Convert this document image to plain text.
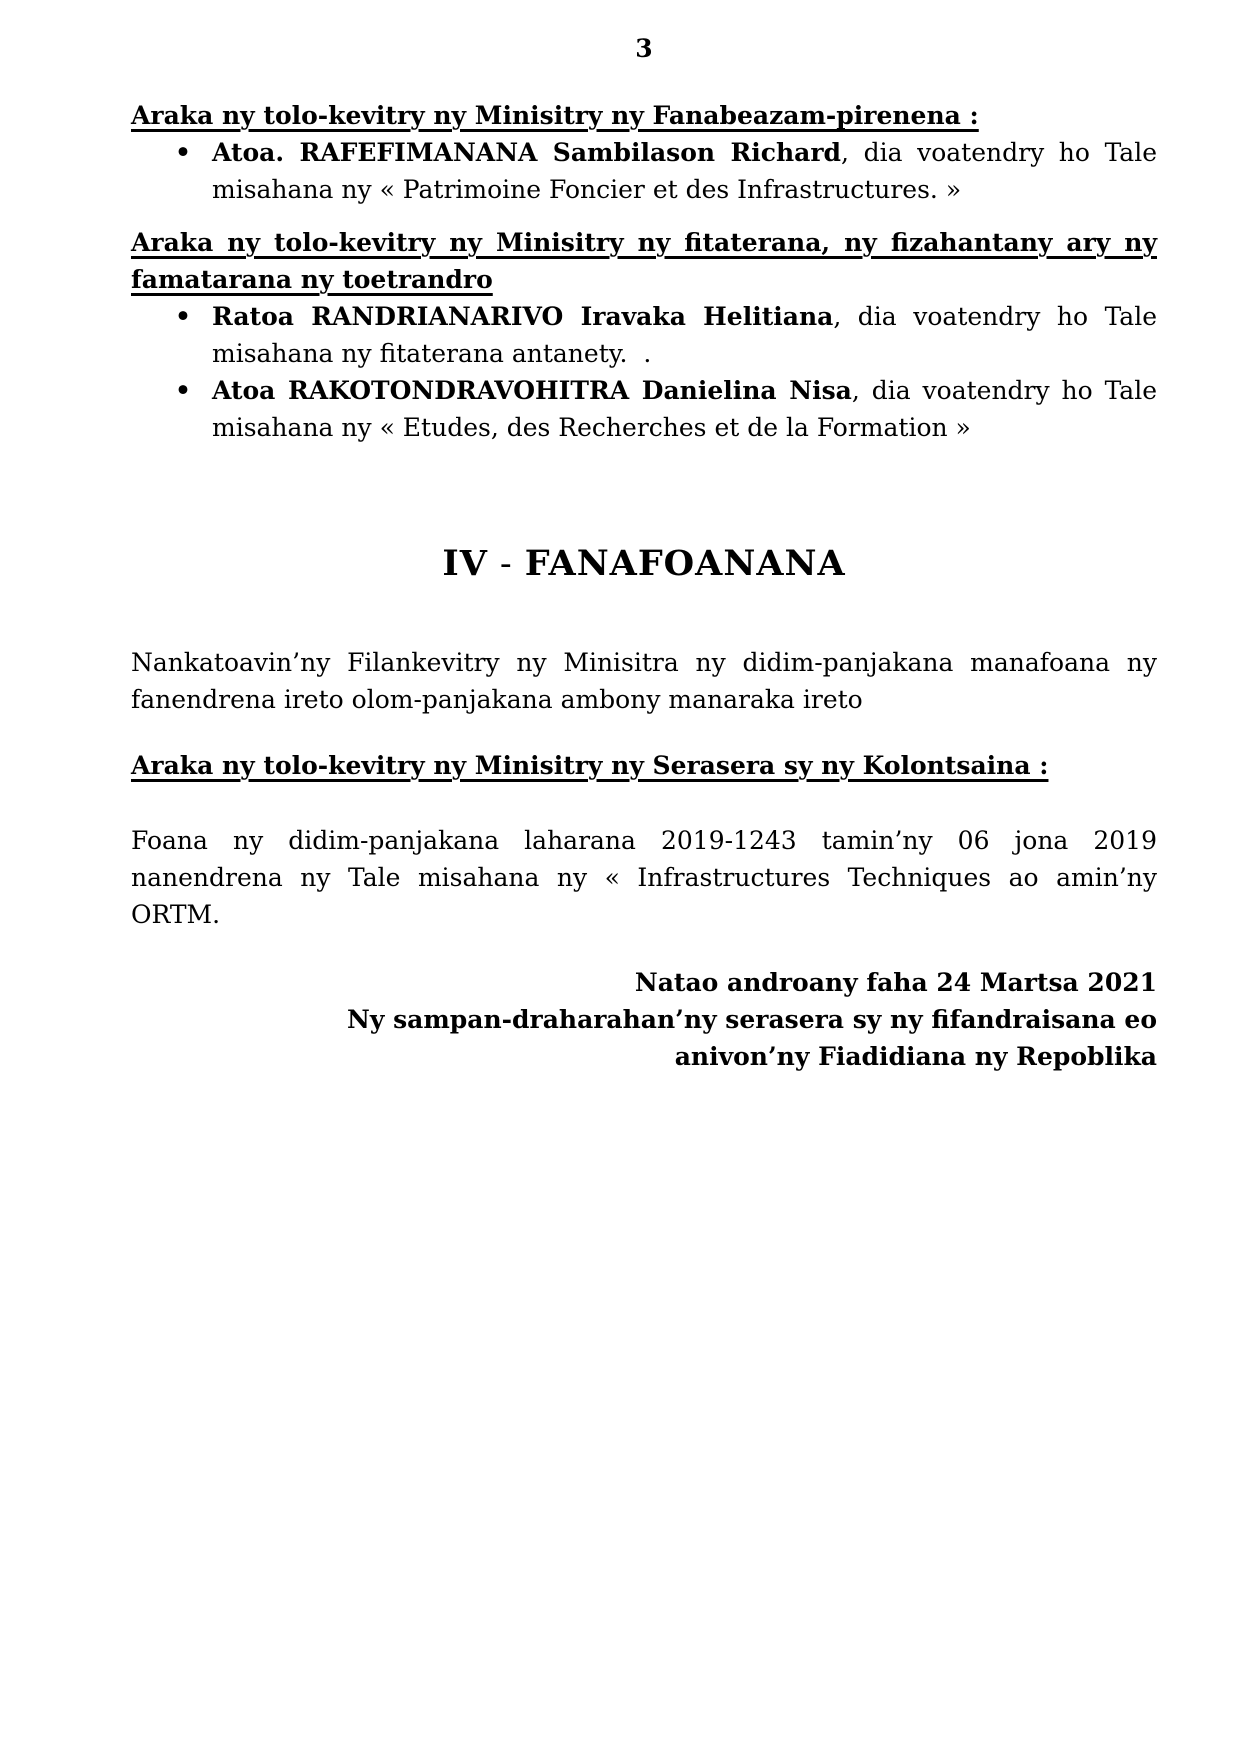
3
Araka ny tolo-kevitry ny Minisitry ny Fanabeazam-pirenena :
• Atoa. RAFEFIMANANA Sambilason Richard, dia voatendry ho Tale
misahana ny « Patrimoine Foncier et des Infrastructures. »
Araka ny tolo-kevitry ny Minisitry ny fitaterana, ny fizahantany ary ny
famatarana ny toetrandro
• Ratoa RANDRIANARIVO Iravaka Helitiana, dia voatendry ho Tale
misahana ny fitaterana antanety.  .
• Atoa RAKOTONDRAVOHITRA Danielina Nisa, dia voatendry ho Tale
misahana ny « Etudes, des Recherches et de la Formation »
IV - FANAFOANANA
Nankatoavin’ny Filankevitry ny Minisitra ny didim-panjakana manafoana ny
fanendrena ireto olom-panjakana ambony manaraka ireto
Araka ny tolo-kevitry ny Minisitry ny Serasera sy ny Kolontsaina :
Foana ny didim-panjakana laharana 2019-1243 tamin’ny 06 jona 2019
nanendrena ny Tale misahana ny « Infrastructures Techniques ao amin’ny
ORTM.
Natao androany faha 24 Martsa 2021
Ny sampan-draharahan’ny serasera sy ny fifandraisana eo
anivon’ny Fiadidiana ny Repoblika
